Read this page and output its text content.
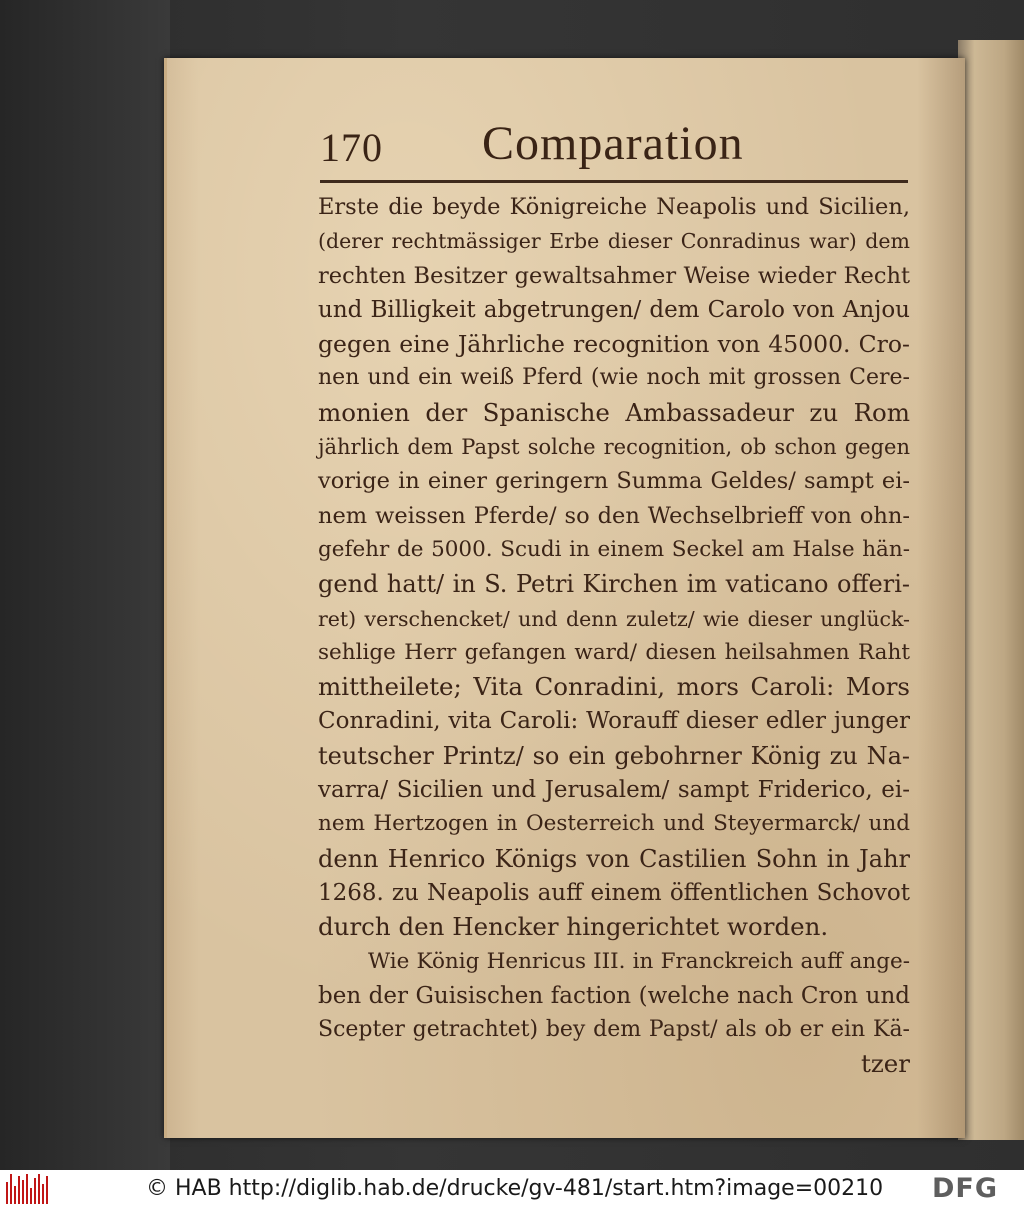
170 Comparation
Erste die beyde Königreiche Neapolis und Sicilien,
(derer rechtmässiger Erbe dieser Conradinus war) dem
rechten Besitzer gewaltsahmer Weise wieder Recht
und Billigkeit abgetrungen/ dem Carolo von Anjou
gegen eine Jährliche recognition von 45000. Cro-
nen und ein weiß Pferd (wie noch mit grossen Cere-
monien der Spanische Ambassadeur zu Rom
jährlich dem Papst solche recognition, ob schon gegen
vorige in einer geringern Summa Geldes/ sampt ei-
nem weissen Pferde/ so den Wechselbrieff von ohn-
gefehr de 5000. Scudi in einem Seckel am Halse hän-
gend hatt/ in S. Petri Kirchen im vaticano offeri-
ret) verschencket/ und denn zuletz/ wie dieser unglück-
sehlige Herr gefangen ward/ diesen heilsahmen Raht
mittheilete; Vita Conradini, mors Caroli: Mors
Conradini, vita Caroli: Worauff dieser edler junger
teutscher Printz/ so ein gebohrner König zu Na-
varra/ Sicilien und Jerusalem/ sampt Friderico, ei-
nem Hertzogen in Oesterreich und Steyermarck/ und
denn Henrico Königs von Castilien Sohn in Jahr
1268. zu Neapolis auff einem öffentlichen Schovot
durch den Hencker hingerichtet worden.
Wie König Henricus III. in Franckreich auff ange-
ben der Guisischen faction (welche nach Cron und
Scepter getrachtet) bey dem Papst/ als ob er ein Kä-
tzer
© HAB http://diglib.hab.de/drucke/gv-481/start.htm?image=00210 DFG
